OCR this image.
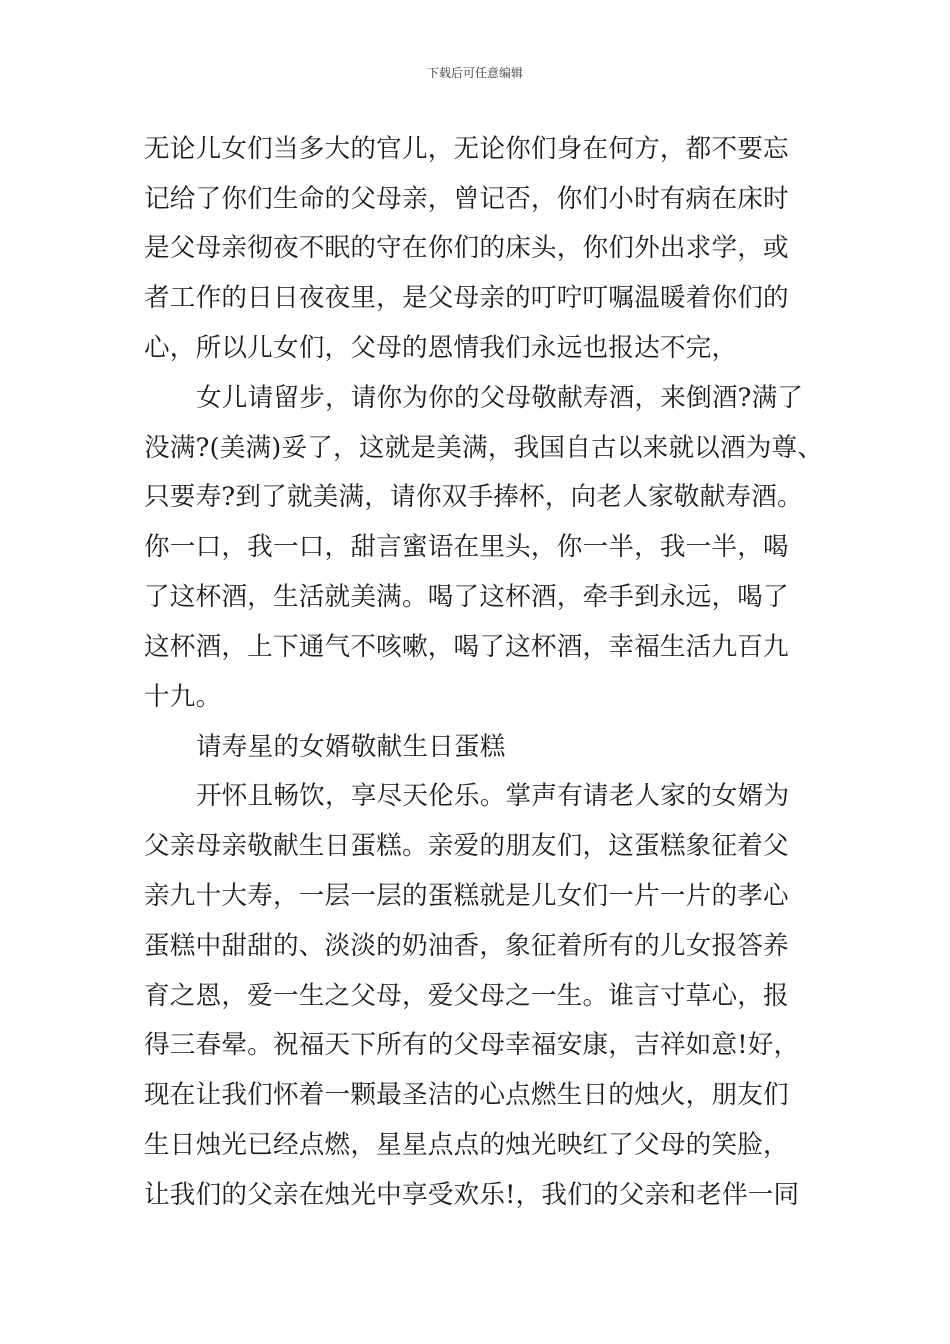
下载后可任意编辑
无论儿女们当多大的官儿，无论你们身在何方，都不要忘
记给了你们生命的父母亲，曾记否，你们小时有病在床时
是父母亲彻夜不眠的守在你们的床头，你们外出求学，或
者工作的日日夜夜里，是父母亲的叮咛叮嘱温暖着你们的
心，所以儿女们，父母的恩情我们永远也报达不完，
女儿请留步，请你为你的父母敬献寿酒，来倒酒?满了
没满?(美满)妥了，这就是美满，我国自古以来就以酒为尊、
只要寿?到了就美满，请你双手捧杯，向老人家敬献寿酒。
你一口，我一口，甜言蜜语在里头，你一半，我一半，喝
了这杯酒，生活就美满。喝了这杯酒，牵手到永远，喝了
这杯酒，上下通气不咳嗽，喝了这杯酒，幸福生活九百九
十九。
请寿星的女婿敬献生日蛋糕
开怀且畅饮，享尽天伦乐。掌声有请老人家的女婿为
父亲母亲敬献生日蛋糕。亲爱的朋友们，这蛋糕象征着父
亲九十大寿，一层一层的蛋糕就是儿女们一片一片的孝心
蛋糕中甜甜的、淡淡的奶油香，象征着所有的儿女报答养
育之恩，爱一生之父母，爱父母之一生。谁言寸草心，报
得三春晕。祝福天下所有的父母幸福安康，吉祥如意!好，
现在让我们怀着一颗最圣洁的心点燃生日的烛火，朋友们
生日烛光已经点燃，星星点点的烛光映红了父母的笑脸，
让我们的父亲在烛光中享受欢乐!，我们的父亲和老伴一同
